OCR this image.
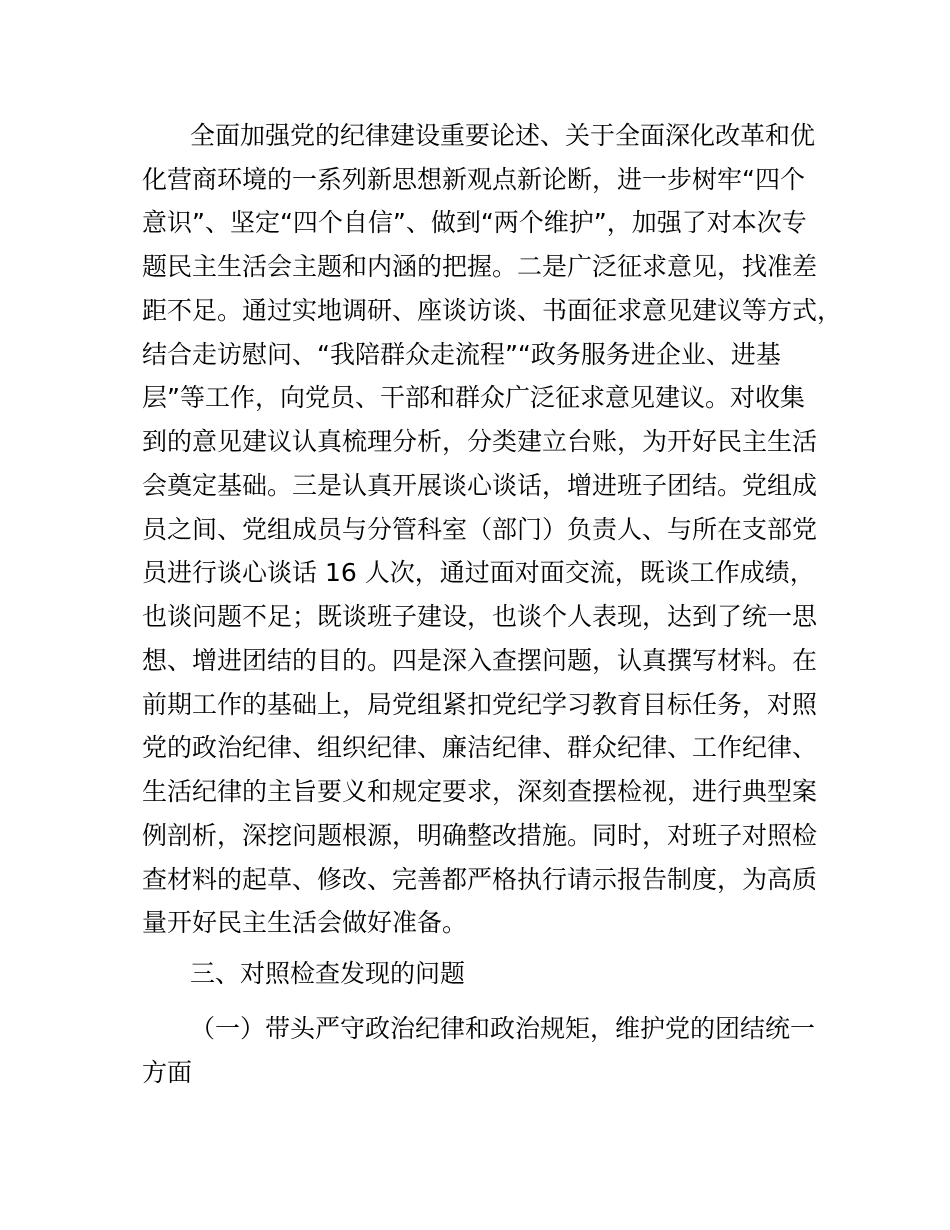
全面加强党的纪律建设重要论述、关于全面深化改革和优
化营商环境的一系列新思想新观点新论断，进一步树牢“四个
意识”、坚定“四个自信”、做到“两个维护”，加强了对本次专
题民主生活会主题和内涵的把握。二是广泛征求意见，找准差
距不足。通过实地调研、座谈访谈、书面征求意见建议等方式，
结合走访慰问、“我陪群众走流程”“政务服务进企业、进基
层”等工作，向党员、干部和群众广泛征求意见建议。对收集
到的意见建议认真梳理分析，分类建立台账，为开好民主生活
会奠定基础。三是认真开展谈心谈话，增进班子团结。党组成
员之间、党组成员与分管科室（部门）负责人、与所在支部党
员进行谈心谈话 16 人次，通过面对面交流，既谈工作成绩，
也谈问题不足；既谈班子建设，也谈个人表现，达到了统一思
想、增进团结的目的。四是深入查摆问题，认真撰写材料。在
前期工作的基础上，局党组紧扣党纪学习教育目标任务，对照
党的政治纪律、组织纪律、廉洁纪律、群众纪律、工作纪律、
生活纪律的主旨要义和规定要求，深刻查摆检视，进行典型案
例剖析，深挖问题根源，明确整改措施。同时，对班子对照检
查材料的起草、修改、完善都严格执行请示报告制度，为高质
量开好民主生活会做好准备。
三、对照检查发现的问题
（一）带头严守政治纪律和政治规矩，维护党的团结统一
方面
